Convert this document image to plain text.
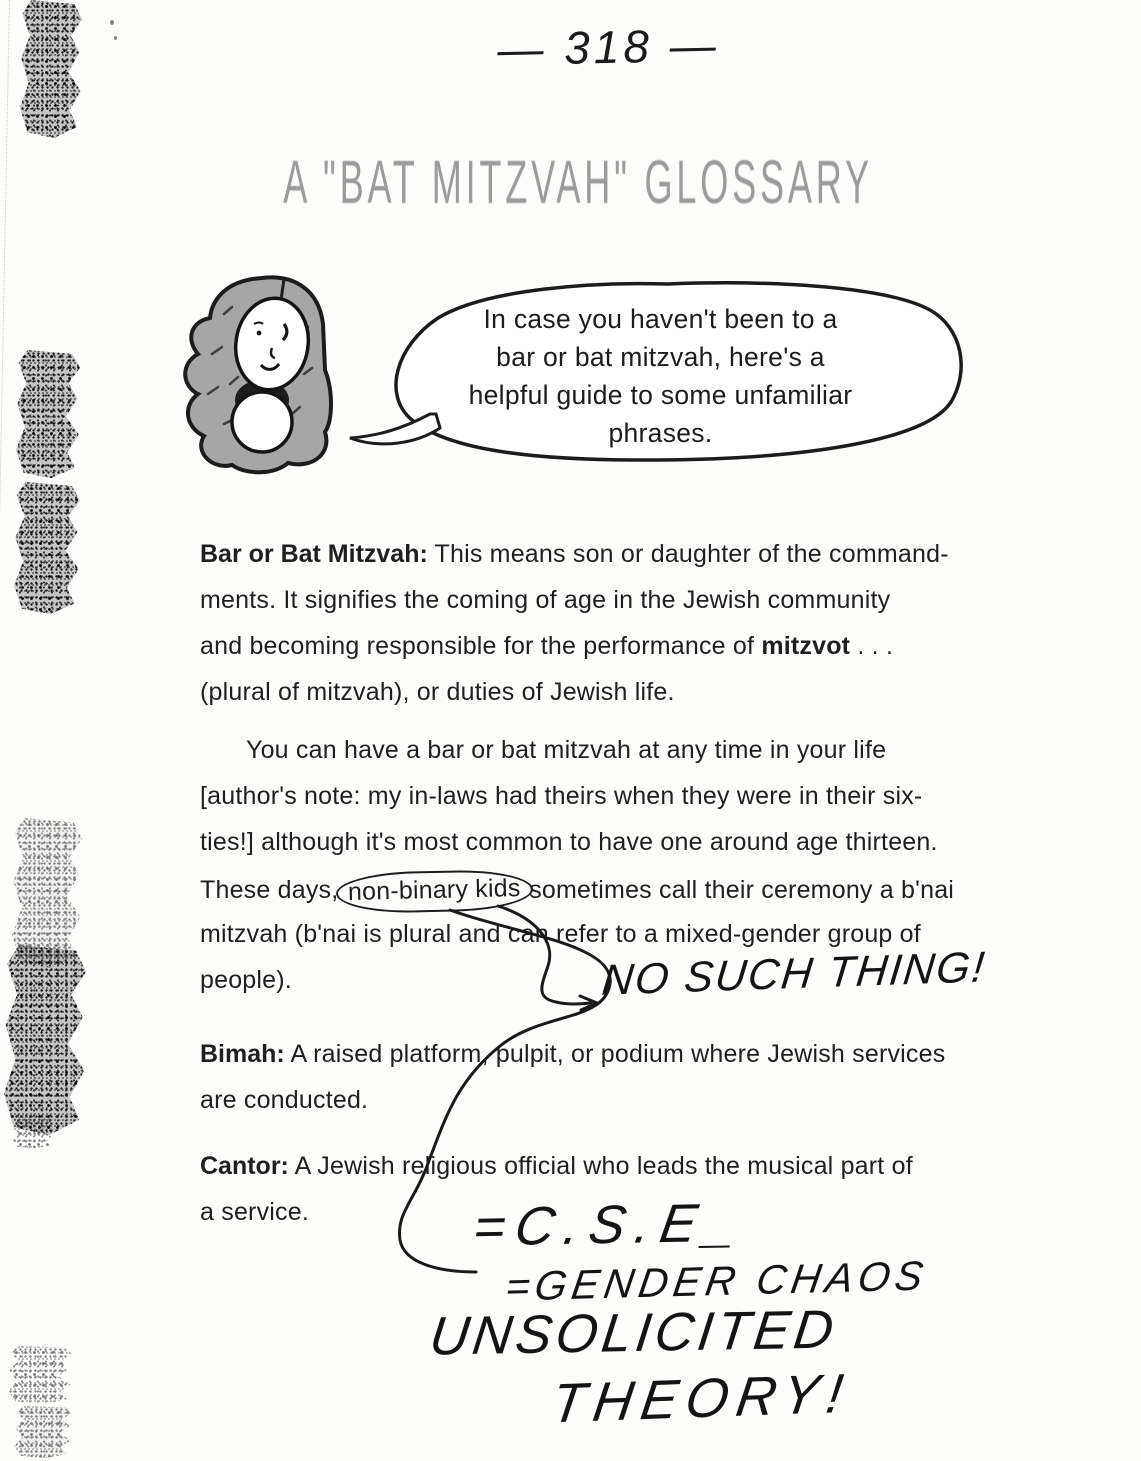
— 318 —
A "BAT MITZVAH" GLOSSARY
In case you haven't been to a
bar or bat mitzvah, here's a
helpful guide to some unfamiliar
phrases.
Bar or Bat Mitzvah: This means son or daughter of the command-
ments. It signifies the coming of age in the Jewish community
and becoming responsible for the performance of mitzvot . . .
(plural of mitzvah), or duties of Jewish life.
You can have a bar or bat mitzvah at any time in your life
[author's note: my in-laws had theirs when they were in their six-
ties!] although it's most common to have one around age thirteen.
These days, non-binary kids sometimes call their ceremony a b'nai
mitzvah (b'nai is plural and can refer to a mixed-gender group of
people).
Bimah: A raised platform, pulpit, or podium where Jewish services
are conducted.
Cantor: A Jewish religious official who leads the musical part of
a service.
NO SUCH THING!
=C.S.E_
=GENDER CHAOS
UNSOLICITED
THEORY!
